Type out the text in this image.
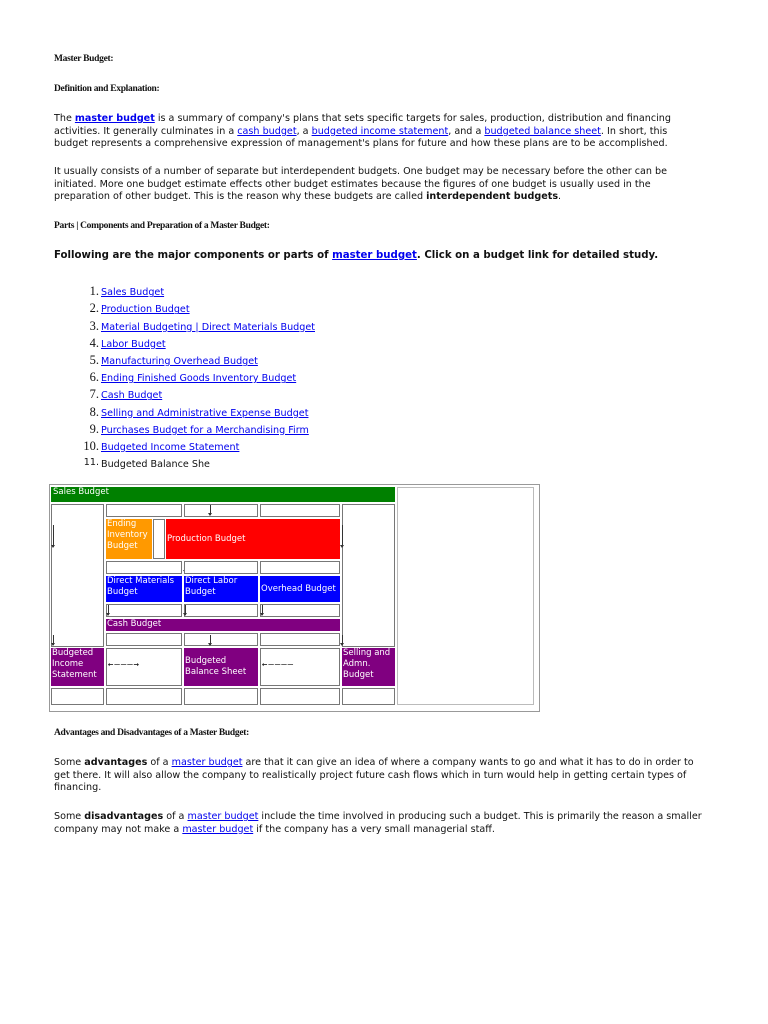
Master Budget:
Definition and Explanation:
The master budget is a summary of company's plans that sets specific targets for sales, production, distribution and financing activities. It generally culminates in a cash budget, a budgeted income statement, and a budgeted balance sheet. In short, this budget represents a comprehensive expression of management's plans for future and how these plans are to be accomplished.
It usually consists of a number of separate but interdependent budgets. One budget may be necessary before the other can be initiated. More one budget estimate effects other budget estimates because the figures of one budget is usually used in the preparation of other budget. This is the reason why these budgets are called interdependent budgets.
Parts | Components and Preparation of a Master Budget:
Following are the major components or parts of master budget. Click on a budget link for detailed study.
1. Sales Budget
2. Production Budget
3. Material Budgeting | Direct Materials Budget
4. Labor Budget
5. Manufacturing Overhead Budget
6. Ending Finished Goods Inventory Budget
7. Cash Budget
8. Selling and Administrative Expense Budget
9. Purchases Budget for a Merchandising Firm
10. Budgeted Income Statement
11. Budgeted Balance She
Advantages and Disadvantages of a Master Budget:
Some advantages of a master budget are that it can give an idea of where a company wants to go and what it has to do in order to get there. It will also allow the company to realistically project future cash flows which in turn would help in getting certain types of financing.
Some disadvantages of a master budget include the time involved in producing such a budget. This is primarily the reason a smaller company may not make a master budget if the company has a very small managerial staff.
Sales Budget
Ending Inventory Budget
Production Budget
Direct Materials Budget
Direct Labor Budget	Overhead Budget
Cash Budget
Budgeted Income Statement
←–––→	Budgeted Balance Sheet
←––––
Selling and Admn. Budget
